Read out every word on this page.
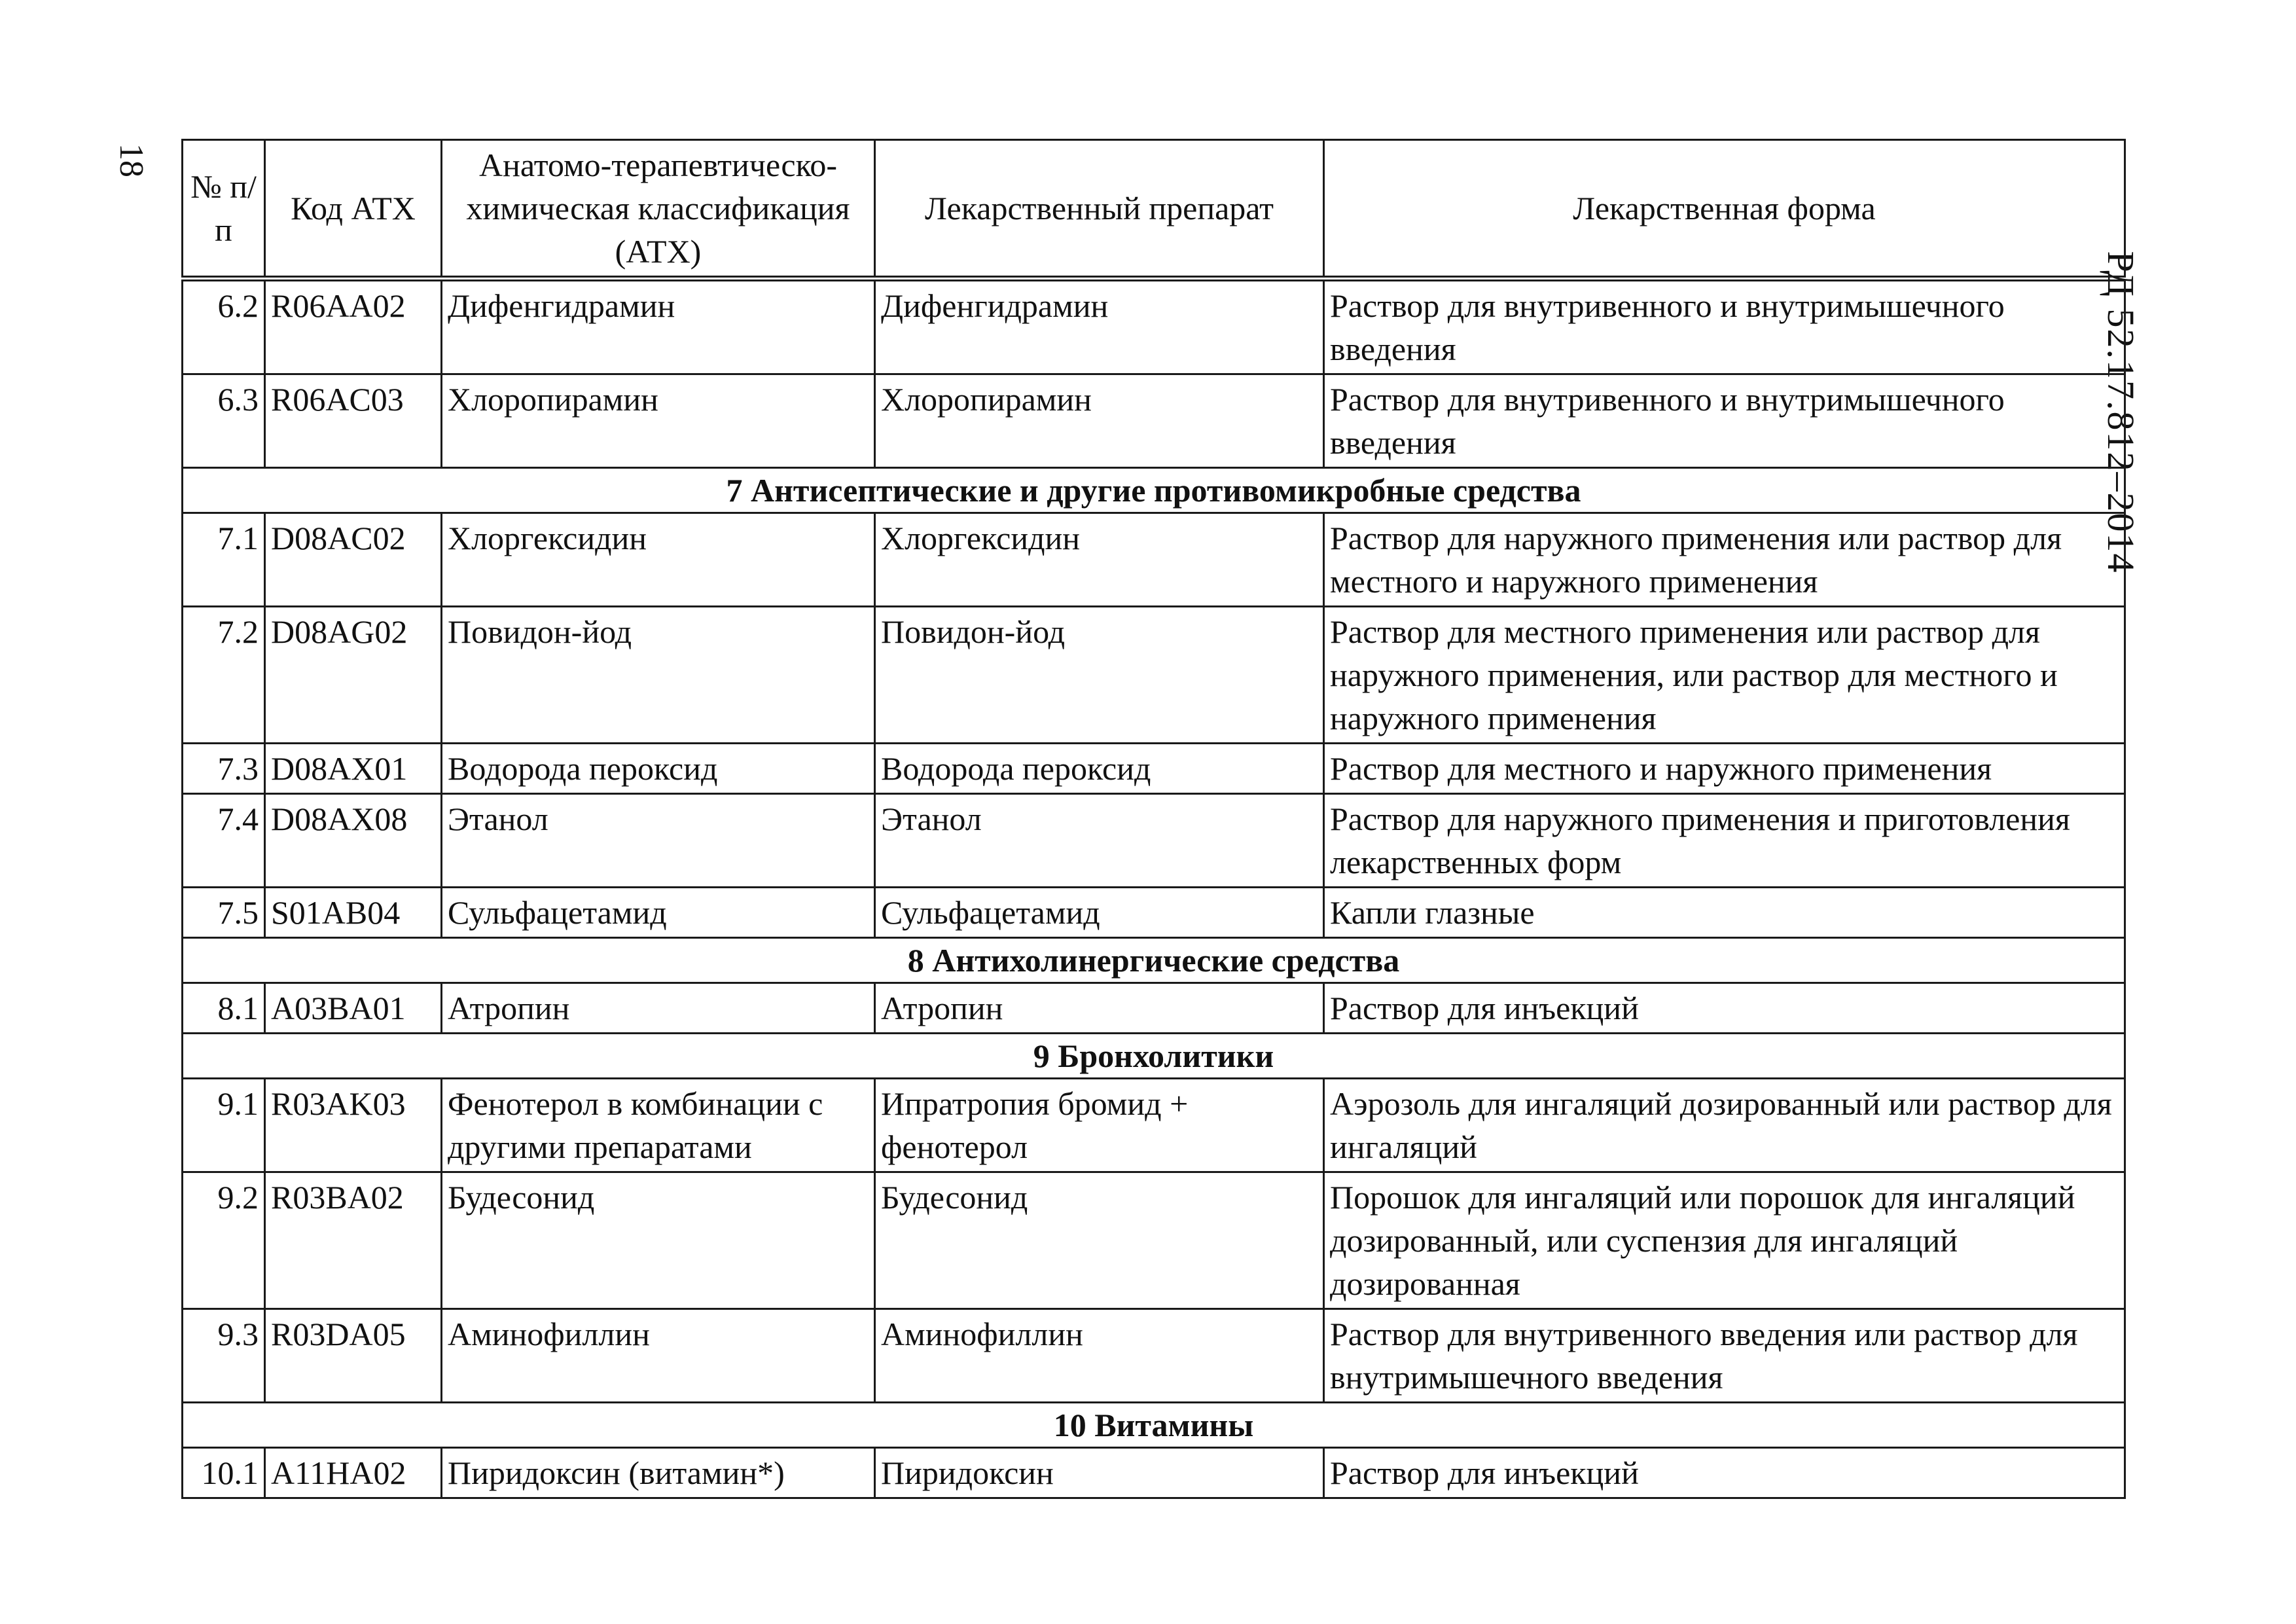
18
РД 52.17.812–2014
№ п/п	Код АТХ	Анатомо-терапевтическо-химическая классификация (АТХ)	Лекарственный препарат	Лекарственная форма
6.2	R06AA02	Дифенгидрамин	Дифенгидрамин	Раствор для внутривенного и внутримышечного введения
6.3	R06AC03	Хлоропирамин	Хлоропирамин	Раствор для внутривенного и внутримышечного введения
7 Антисептические и другие противомикробные средства				
7.1	D08AC02	Хлоргексидин	Хлоргексидин	Раствор для наружного применения или раствор для местного и наружного применения
7.2	D08AG02	Повидон-йод	Повидон-йод	Раствор для местного применения или раствор для наружного применения, или раствор для местного и наружного применения
7.3	D08AX01	Водорода пероксид	Водорода пероксид	Раствор для местного и наружного применения
7.4	D08AX08	Этанол	Этанол	Раствор для наружного применения и приготовления лекарственных форм
7.5	S01AB04	Сульфацетамид	Сульфацетамид	Капли глазные
8 Антихолинергические средства				
8.1	A03BA01	Атропин	Атропин	Раствор для инъекций
9 Бронхолитики				
9.1	R03AK03	Фенотерол в комбинации с другими препаратами	Ипратропия бромид + фенотерол	Аэрозоль для ингаляций дозированный или раствор для ингаляций
9.2	R03BA02	Будесонид	Будесонид	Порошок для ингаляций или порошок для ингаляций дозированный, или суспензия для ингаляций дозированная
9.3	R03DA05	Аминофиллин	Аминофиллин	Раствор для внутривенного введения или раствор для внутримышечного введения
10 Витамины				
10.1	A11HA02	Пиридоксин (витамин*)	Пиридоксин	Раствор для инъекций
